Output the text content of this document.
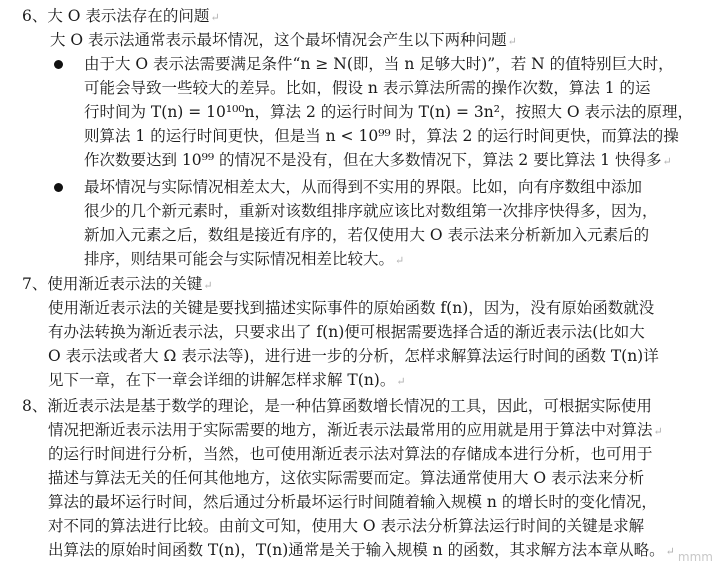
6、大 O 表示法存在的问题↵
大 O 表示法通常表示最坏情况，这个最坏情况会产生以下两种问题↵
由于大 O 表示法需要满足条件“n ≥ N(即，当 n 足够大时)”，若 N 的值特别巨大时，
可能会导致一些较大的差异。比如，假设 n 表示算法所需的操作次数，算法 1 的运
行时间为 T(n) = 10¹⁰⁰n，算法 2 的运行时间为 T(n) = 3n²，按照大 O 表示法的原理，
则算法 1 的运行时间更快，但是当 n < 10⁹⁹ 时，算法 2 的运行时间更快，而算法的操
作次数要达到 10⁹⁹ 的情况不是没有，但在大多数情况下，算法 2 要比算法 1 快得多↵
最坏情况与实际情况相差太大，从而得到不实用的界限。比如，向有序数组中添加
很少的几个新元素时，重新对该数组排序就应该比对数组第一次排序快得多，因为，
新加入元素之后，数组是接近有序的，若仅使用大 O 表示法来分析新加入元素后的
排序，则结果可能会与实际情况相差比较大。↵
7、使用渐近表示法的关键↵
使用渐近表示法的关键是要找到描述实际事件的原始函数 f(n)，因为，没有原始函数就没
有办法转换为渐近表示法，只要求出了 f(n)便可根据需要选择合适的渐近表示法(比如大
O 表示法或者大 Ω 表示法等)，进行进一步的分析，怎样求解算法运行时间的函数 T(n)详
见下一章，在下一章会详细的讲解怎样求解 T(n)。↵
8、渐近表示法是基于数学的理论，是一种估算函数增长情况的工具，因此，可根据实际使用
情况把渐近表示法用于实际需要的地方，渐近表示法最常用的应用就是用于算法中对算法↵
的运行时间进行分析，当然，也可使用渐近表示法对算法的存储成本进行分析，也可用于
描述与算法无关的任何其他地方，这依实际需要而定。算法通常使用大 O 表示法来分析
算法的最坏运行时间，然后通过分析最坏运行时间随着输入规模 n 的增长时的变化情况，
对不同的算法进行比较。由前文可知，使用大 O 表示法分析算法运行时间的关键是求解
出算法的原始时间函数 T(n)，T(n)通常是关于输入规模 n 的函数，其求解方法本章从略。↵ mmm
